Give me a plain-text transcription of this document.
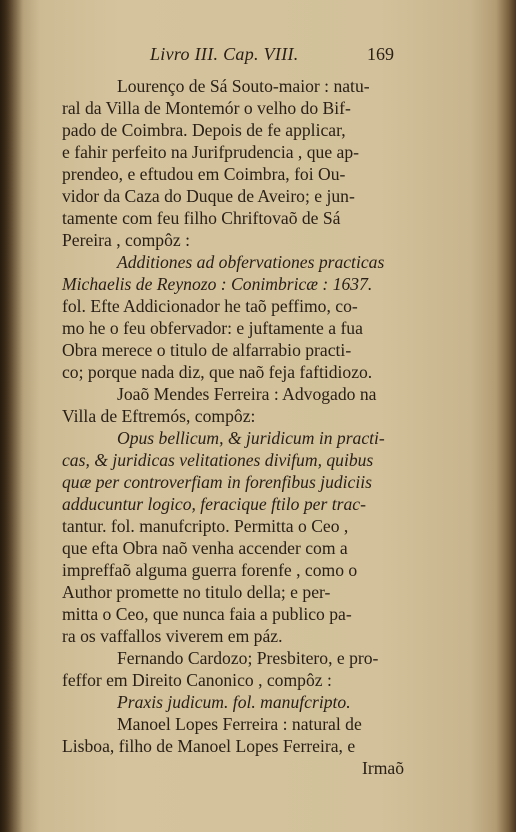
Livro III. Cap. VIII.	169
Lourenço de Sá Souto-maior : natu-
ral da Villa de Montemór o velho do Bif-
pado de Coimbra. Depois de fe applicar,
e fahir perfeito na Jurifprudencia , que ap-
prendeo, e eftudou em Coimbra, foi Ou-
vidor da Caza do Duque de Aveiro; e jun-
tamente com feu filho Chriftovaõ de Sá
Pereira , compôz :
Additiones ad obfervationes practicas
Michaelis de Reynozo : Conimbricæ : 1637.
fol. Efte Addicionador he taõ peffimo, co-
mo he o feu obfervador: e juftamente a fua
Obra merece o titulo de alfarrabio practi-
co; porque nada diz, que naõ feja faftidiozo.
Joaõ Mendes Ferreira : Advogado na
Villa de Eftremós, compôz:
Opus bellicum, & juridicum in practi-
cas, & juridicas velitationes divifum, quibus
quæ per controverfiam in forenfibus judiciis
adducuntur logico, feracique ftilo per trac-
tantur. fol. manufcripto. Permitta o Ceo ,
que efta Obra naõ venha accender com a
impreffaõ alguma guerra forenfe , como o
Author promette no titulo della; e per-
mitta o Ceo, que nunca faia a publico pa-
ra os vaffallos viverem em páz.
Fernando Cardozo; Presbitero, e pro-
feffor em Direito Canonico , compôz :
Praxis judicum. fol. manufcripto.
Manoel Lopes Ferreira : natural de
Lisboa, filho de Manoel Lopes Ferreira, e
Irmaõ
